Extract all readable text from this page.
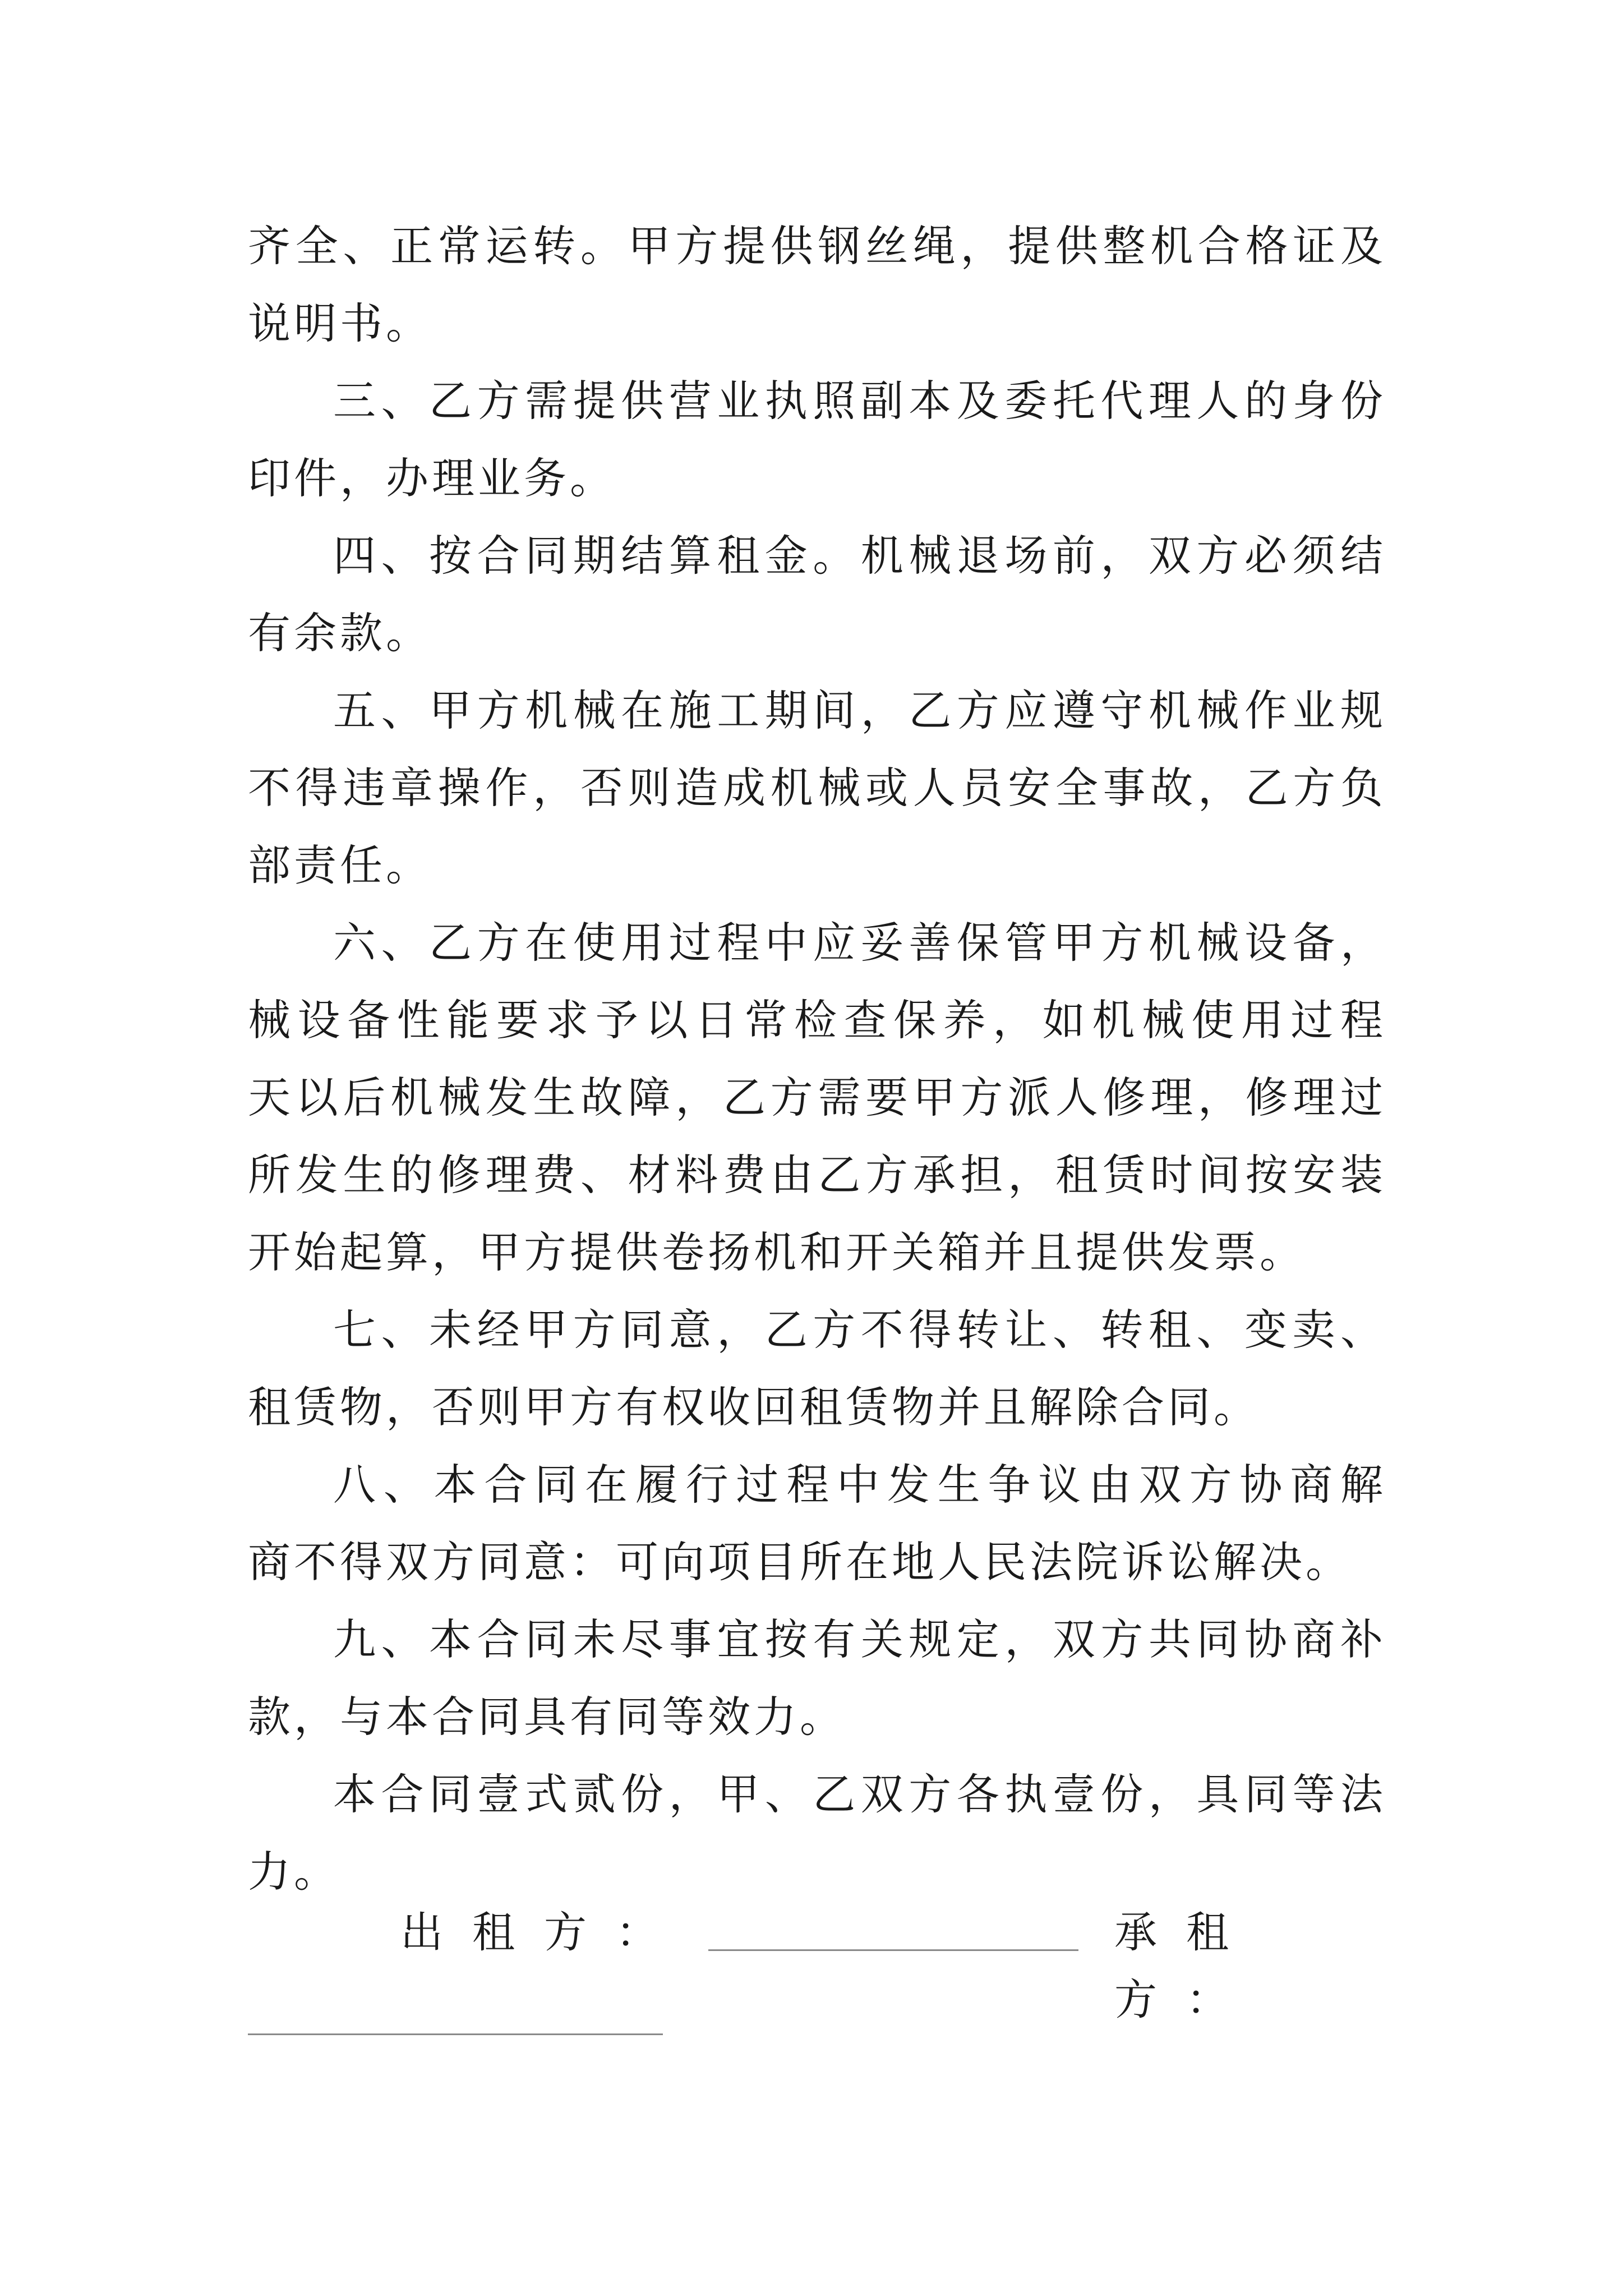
齐全、正常运转。甲方提供钢丝绳，提供整机合格证及
说明书。
三、乙方需提供营业执照副本及委托代理人的身份
印件，办理业务。
四、按合同期结算租金。机械退场前，双方必须结
有余款。
五、甲方机械在施工期间，乙方应遵守机械作业规
不得违章操作，否则造成机械或人员安全事故，乙方负
部责任。
六、乙方在使用过程中应妥善保管甲方机械设备，
械设备性能要求予以日常检查保养，如机械使用过程
天以后机械发生故障，乙方需要甲方派人修理，修理过
所发生的修理费、材料费由乙方承担，租赁时间按安装
开始起算，甲方提供卷扬机和开关箱并且提供发票。
七、未经甲方同意，乙方不得转让、转租、变卖、
租赁物，否则甲方有权收回租赁物并且解除合同。
八、本合同在履行过程中发生争议由双方协商解
商不得双方同意：可向项目所在地人民法院诉讼解决。
九、本合同未尽事宜按有关规定，双方共同协商补
款，与本合同具有同等效力。
本合同壹式贰份，甲、乙双方各执壹份，具同等法
力。
出租方：	承租方：
